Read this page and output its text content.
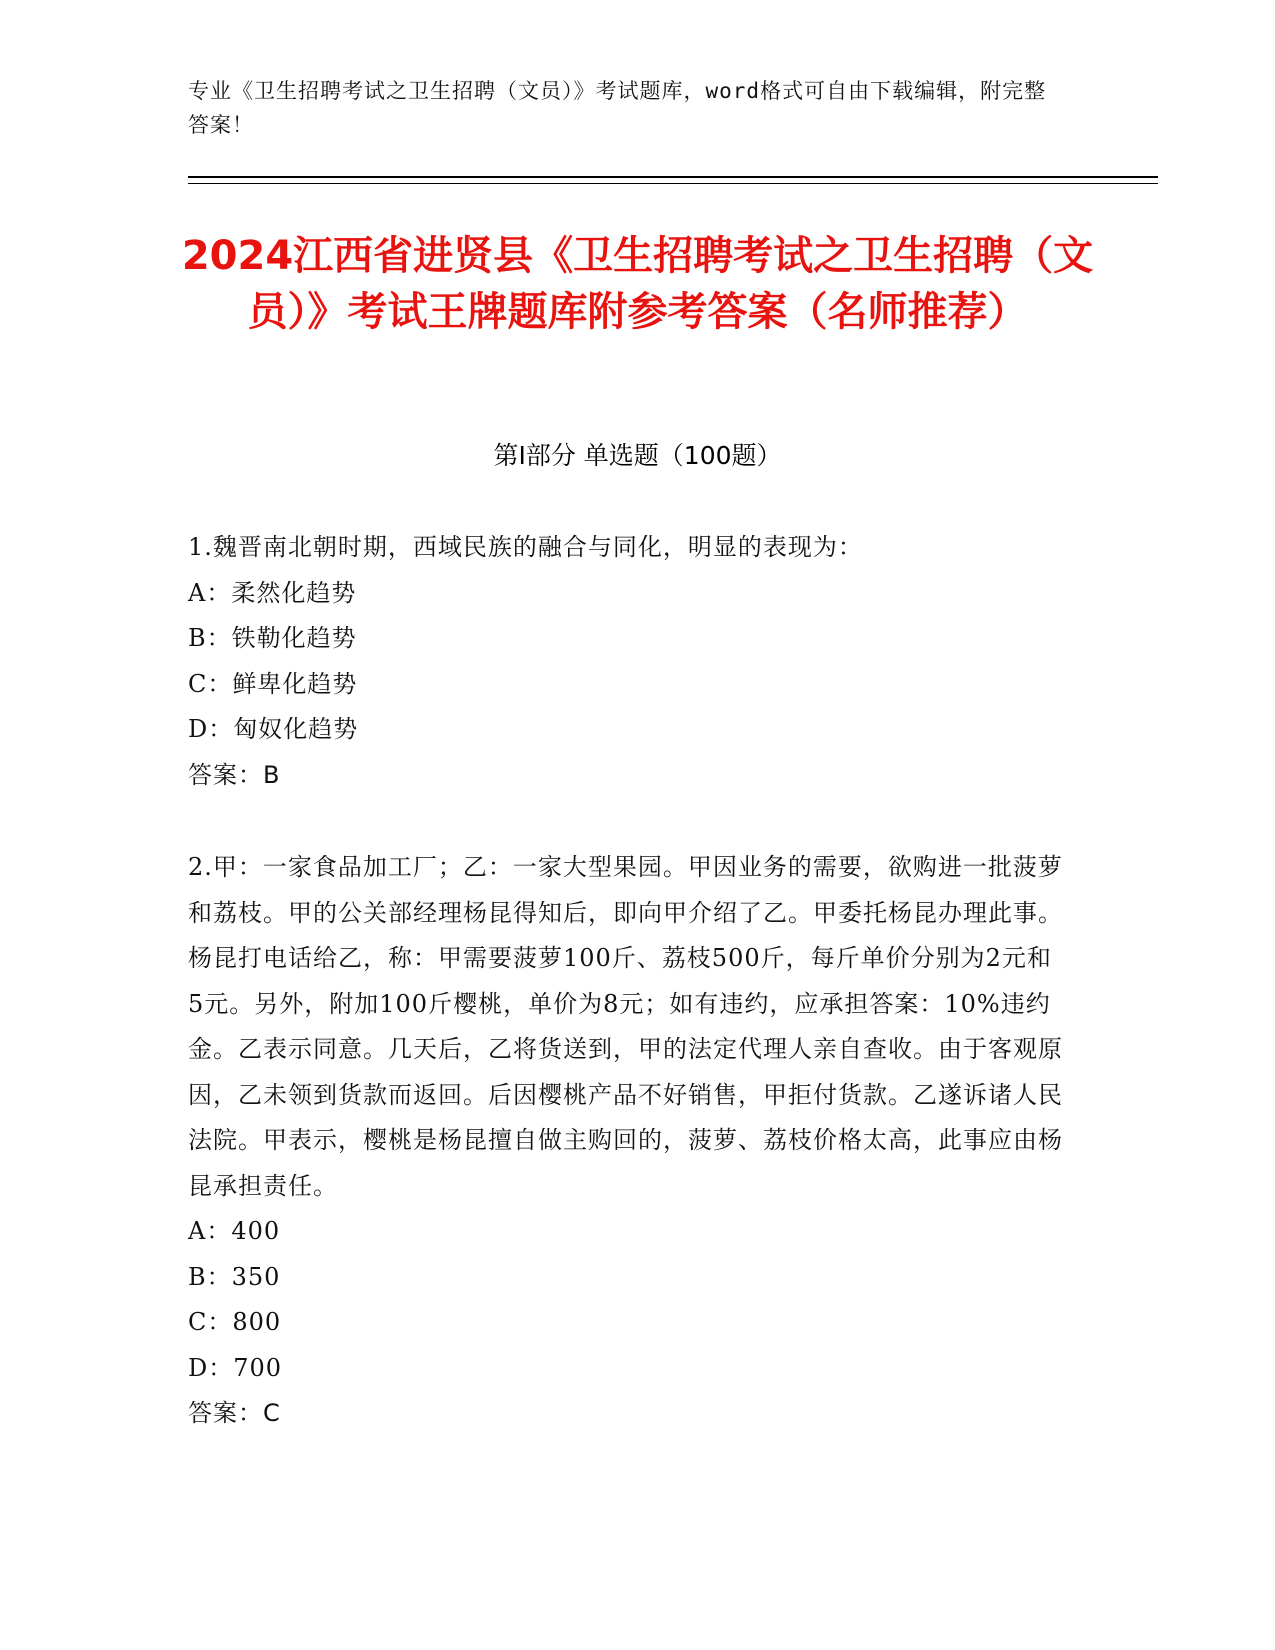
专业《卫生招聘考试之卫生招聘（文员）》考试题库，word格式可自由下载编辑，附完整答案！
2024江西省进贤县《卫生招聘考试之卫生招聘（文员）》考试王牌题库附参考答案（名师推荐）
第Ⅰ部分 单选题（100题）

1.魏晋南北朝时期，西域民族的融合与同化，明显的表现为：

A：柔然化趋势

B：铁勒化趋势

C：鲜卑化趋势

D：匈奴化趋势

答案：B

2.甲：一家食品加工厂；乙：一家大型果园。甲因业务的需要，欲购进一批菠萝和荔枝。甲的公关部经理杨昆得知后，即向甲介绍了乙。甲委托杨昆办理此事。杨昆打电话给乙，称：甲需要菠萝100斤、荔枝500斤，每斤单价分别为2元和5元。另外，附加100斤樱桃，单价为8元；如有违约，应承担答案：10%违约金。乙表示同意。几天后，乙将货送到，甲的法定代理人亲自查收。由于客观原因，乙未领到货款而返回。后因樱桃产品不好销售，甲拒付货款。乙遂诉诸人民法院。甲表示，樱桃是杨昆擅自做主购回的，菠萝、荔枝价格太高，此事应由杨昆承担责任。

A：400

B：350

C：800

D：700

答案：C
